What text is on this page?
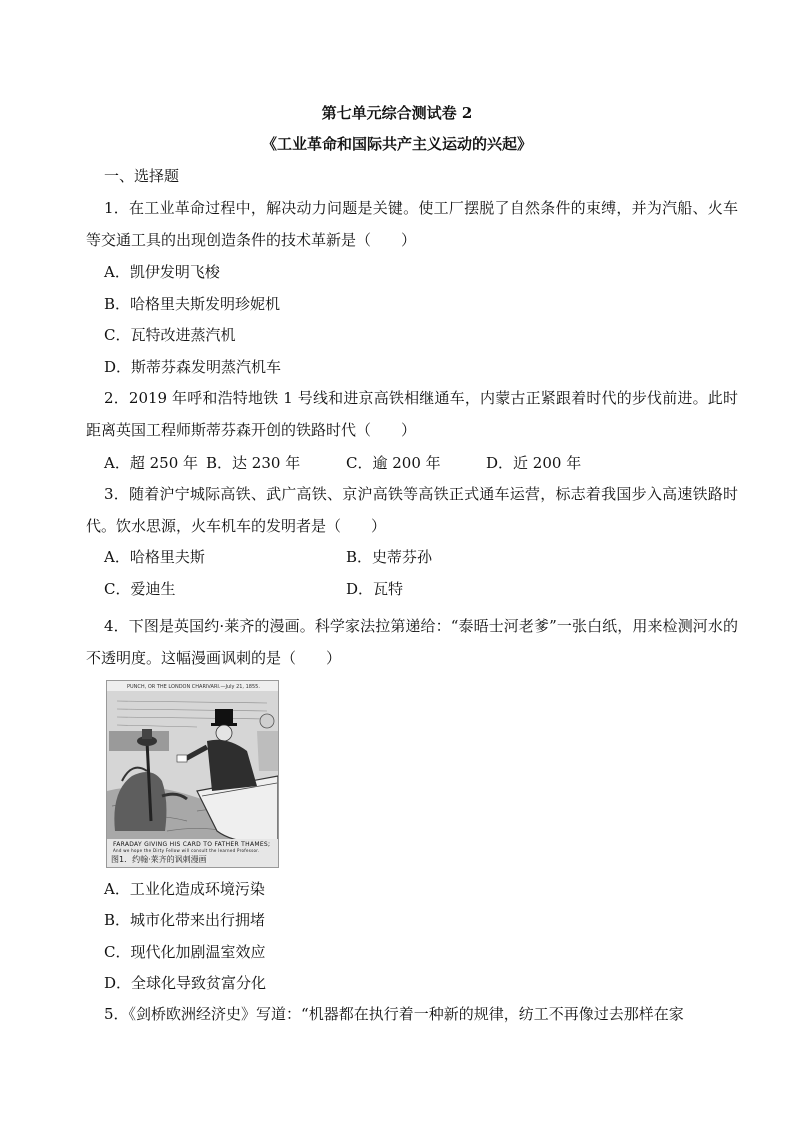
第七单元综合测试卷 2
《工业革命和国际共产主义运动的兴起》
一、选择题
1．在工业革命过程中，解决动力问题是关键。使工厂摆脱了自然条件的束缚，并为汽船、火车等交通工具的出现创造条件的技术革新是（　　）
A．凯伊发明飞梭
B．哈格里夫斯发明珍妮机
C．瓦特改进蒸汽机
D．斯蒂芬森发明蒸汽机车
2．2019 年呼和浩特地铁 1 号线和进京高铁相继通车，内蒙古正紧跟着时代的步伐前进。此时距离英国工程师斯蒂芬森开创的铁路时代（　　）
A．超 250 年 B．达 230 年	C．逾 200 年	D．近 200 年
3．随着沪宁城际高铁、武广高铁、京沪高铁等高铁正式通车运营，标志着我国步入高速铁路时代。饮水思源，火车机车的发明者是（　　）
A．哈格里夫斯	B．史蒂芬孙
C．爱迪生	D．瓦特
4．下图是英国约·莱齐的漫画。科学家法拉第递给：“泰晤士河老爹”一张白纸，用来检测河水的不透明度。这幅漫画讽刺的是（　　）
PUNCH, OR THE LONDON CHARIVARI.—July 21, 1855.
FARADAY GIVING HIS CARD TO FATHER THAMES;
And we hope the Dirty Fellow will consult the learned Professor.
图1．约翰·莱齐的讽刺漫画
A．工业化造成环境污染
B．城市化带来出行拥堵
C．现代化加剧温室效应
D．全球化导致贫富分化
5．《剑桥欧洲经济史》写道：“机器都在执行着一种新的规律，纺工不再像过去那样在家
